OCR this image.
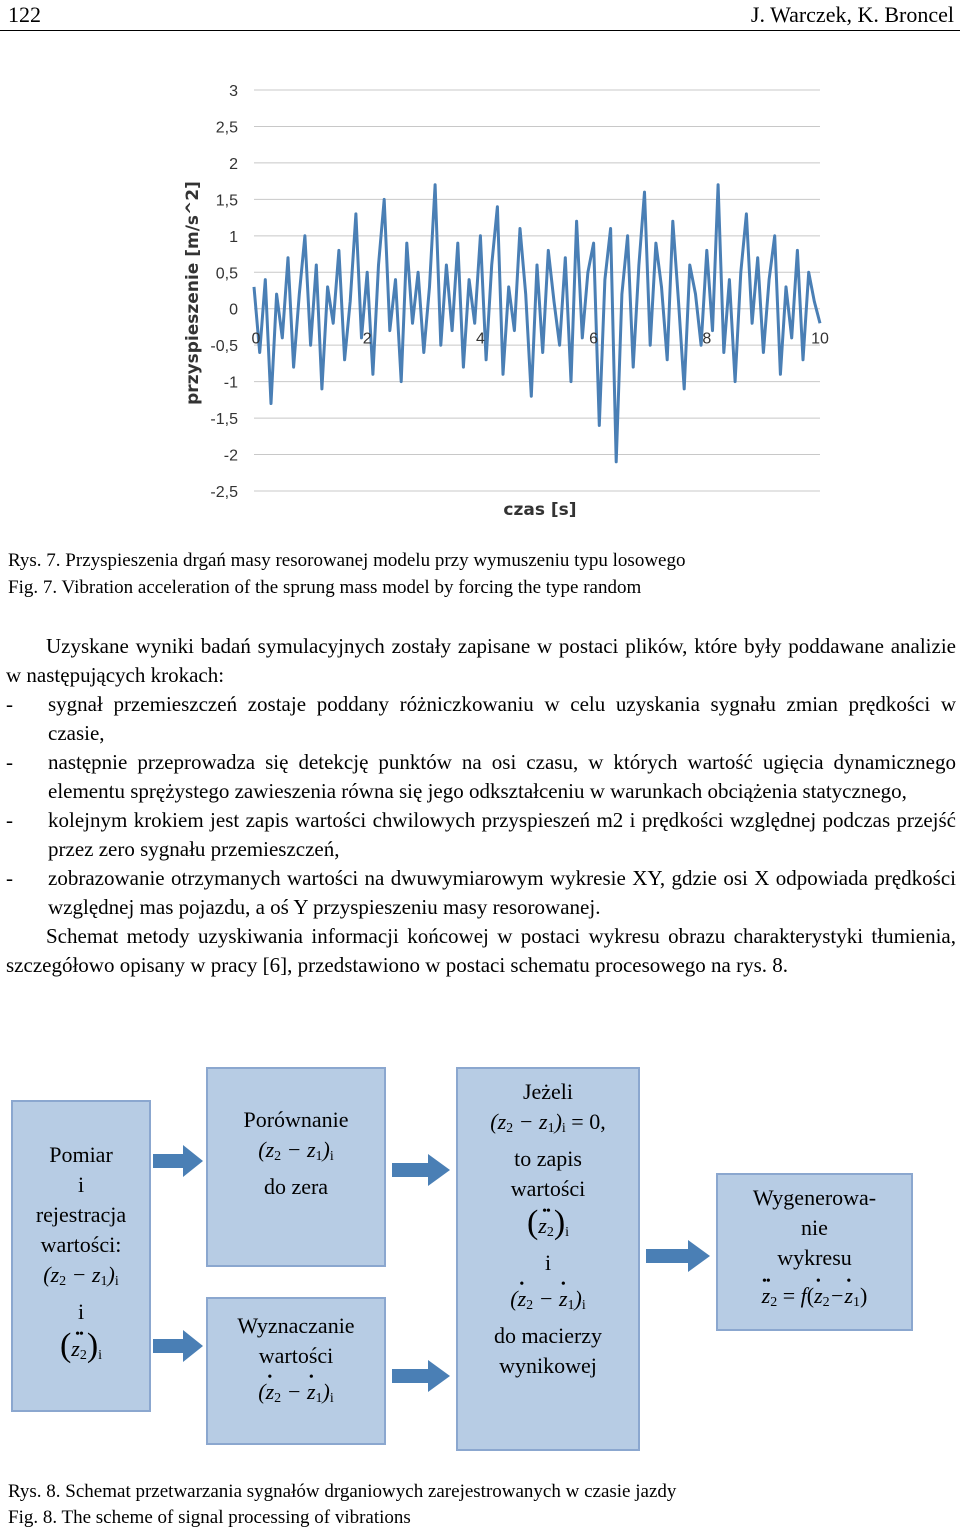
122	J. Warczek, K. Broncel
3
2,5
2
1,5
1
0,5
0
-0,5
-1
-1,5
-2
-2,5
0	2	4	6	8	10
czas [s]
przyspieszenie [m/s^2]
Rys. 7. Przyspieszenia drgań masy resorowanej modelu przy wymuszeniu typu losowego
Fig. 7. Vibration acceleration of the sprung mass model by forcing the type random
Uzyskane wyniki badań symulacyjnych zostały zapisane w postaci plików, które były poddawane analizie w następujących krokach:
-	sygnał przemieszczeń zostaje poddany różniczkowaniu w celu uzyskania sygnału zmian prędkości w czasie,
-	następnie przeprowadza się detekcję punktów na osi czasu, w których wartość ugięcia dynamicznego elementu sprężystego zawieszenia równa się jego odkształceniu w warunkach obciążenia statycznego,
-	kolejnym krokiem jest zapis wartości chwilowych przyspieszeń m2 i prędkości względnej podczas przejść przez zero sygnału przemieszczeń,
-	zobrazowanie otrzymanych wartości na dwuwymiarowym wykresie XY, gdzie osi X odpowiada prędkości względnej mas pojazdu, a oś Y przyspieszeniu masy resorowanej.
Schemat metody uzyskiwania informacji końcowej w postaci wykresu obrazu charakterystyki tłumienia, szczegółowo opisany w pracy [6], przedstawiono w postaci schematu procesowego na rys. 8.
Pomiar
i
rejestracja
wartości:
$(z_2 - z_1)_i$
i
(•• $z_2)_i$
Porównanie
$(z_2 - z_1)_i$
do zera
Wyznaczanie
wartości
(• $z_2$ − • $z_1)_i$
Jeżeli
$(z_2 - z_1)_i = 0$,
to zapis
wartości
(•• $z_2)_i$
i
(• $z_2$ − • $z_1)_i$
do macierzy
wynikowej
Wygenerowa-
nie
wykresu
•• $z_2$ = f(• $z_2-•$ $z_1$)
Rys. 8. Schemat przetwarzania sygnałów drganiowych zarejestrowanych w czasie jazdy
Fig. 8. The scheme of signal processing of vibrations
